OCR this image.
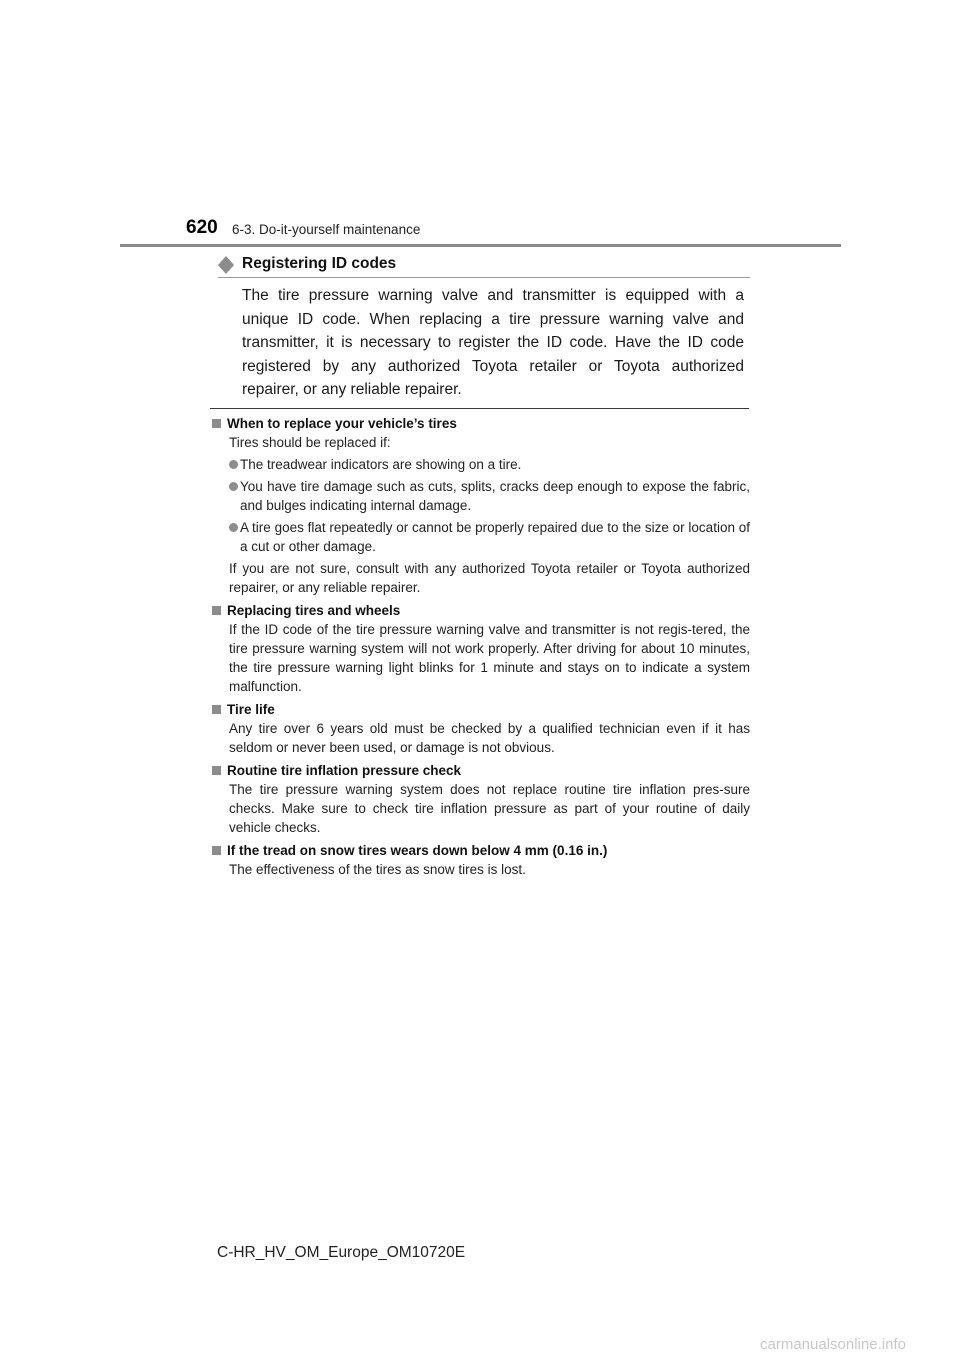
620 6-3. Do-it-yourself maintenance
Registering ID codes
The tire pressure warning valve and transmitter is equipped with a unique ID code. When replacing a tire pressure warning valve and transmitter, it is necessary to register the ID code. Have the ID code registered by any authorized Toyota retailer or Toyota authorized repairer, or any reliable repairer.
When to replace your vehicle’s tires
Tires should be replaced if:
The treadwear indicators are showing on a tire.
You have tire damage such as cuts, splits, cracks deep enough to expose the fabric, and bulges indicating internal damage.
A tire goes flat repeatedly or cannot be properly repaired due to the size or location of a cut or other damage.
If you are not sure, consult with any authorized Toyota retailer or Toyota authorized repairer, or any reliable repairer.
Replacing tires and wheels
If the ID code of the tire pressure warning valve and transmitter is not regis-tered, the tire pressure warning system will not work properly. After driving for about 10 minutes, the tire pressure warning light blinks for 1 minute and stays on to indicate a system malfunction.
Tire life
Any tire over 6 years old must be checked by a qualified technician even if it has seldom or never been used, or damage is not obvious.
Routine tire inflation pressure check
The tire pressure warning system does not replace routine tire inflation pres-sure checks. Make sure to check tire inflation pressure as part of your routine of daily vehicle checks.
If the tread on snow tires wears down below 4 mm (0.16 in.)
The effectiveness of the tires as snow tires is lost.
C-HR_HV_OM_Europe_OM10720E
carmanualsonline.info
